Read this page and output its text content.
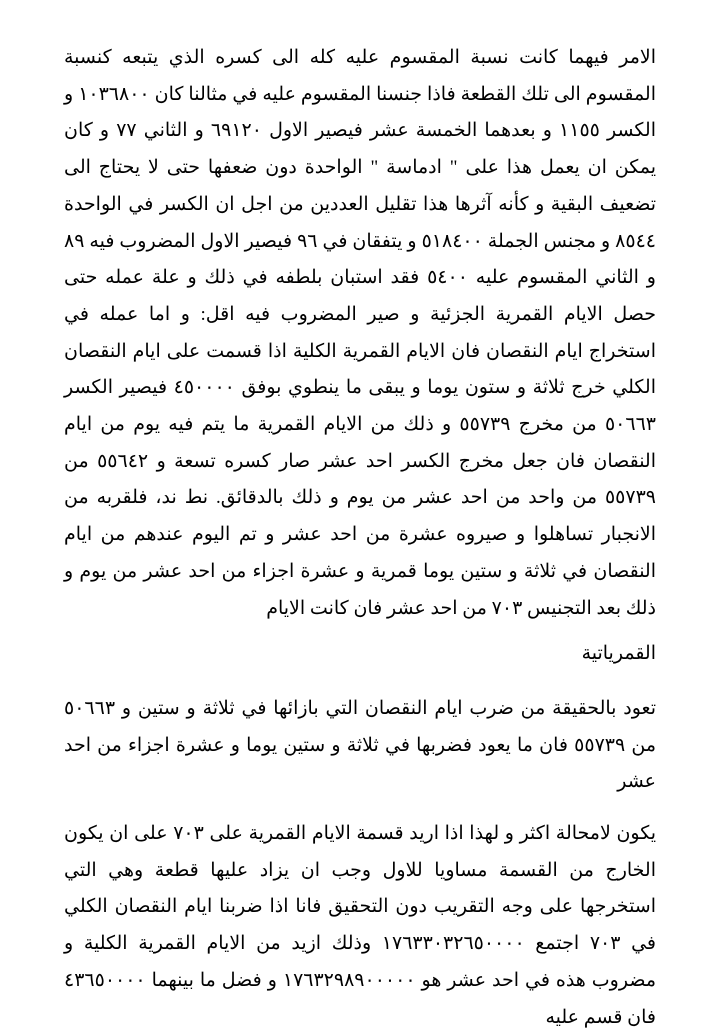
الامر فيهما كانت نسبة المقسوم عليه كله الى كسره الذي يتبعه كنسبة المقسوم الى تلك القطعة فاذا جنسنا المقسوم عليه في مثالنا كان ١٠٣٦٨٠٠ و الكسر ١١٥٥ و بعدهما الخمسة عشر فيصير الاول ٦٩١٢٠ و الثاني ٧٧ و كان يمكن ان يعمل هذا على " ادماسة " الواحدة دون ضعفها حتى لا يحتاج الى تضعيف البقية و كأنه آثرها هذا تقليل العددين من اجل ان الكسر في الواحدة ٨٥٤٤ و مجنس الجملة ٥١٨٤٠٠ و يتفقان في ٩٦ فيصير الاول المضروب فيه ٨٩ و الثاني المقسوم عليه ٥٤٠٠ فقد استبان بلطفه في ذلك و علة عمله حتى حصل الايام القمرية الجزئية و صير المضروب فيه اقل: و اما عمله في استخراج ايام النقصان فان الايام القمرية الكلية اذا قسمت على ايام النقصان الكلي خرج ثلاثة و ستون يوما و يبقى ما ينطوي بوفق ٤٥٠٠٠٠ فيصير الكسر ٥٠٦٦٣ من مخرج ٥٥٧٣٩ و ذلك من الايام القمرية ما يتم فيه يوم من ايام النقصان فان جعل مخرج الكسر احد عشر صار كسره تسعة و ٥٥٦٤٢ من ٥٥٧٣٩ من واحد من احد عشر من يوم و ذلك بالدقائق. نط ند، فلقربه من الانجبار تساهلوا و صيروه عشرة من احد عشر و تم اليوم عندهم من ايام النقصان في ثلاثة و ستين يوما قمرية و عشرة اجزاء من احد عشر من يوم و ذلك بعد التجنيس ٧٠٣ من احد عشر فان كانت الايام

القمرياتية

تعود بالحقيقة من ضرب ايام النقصان التي بازائها في ثلاثة و ستين و ٥٠٦٦٣ من ٥٥٧٣٩ فان ما يعود فضربها في ثلاثة و ستين يوما و عشرة اجزاء من احد عشر

يكون لامحالة اكثر و لهذا اذا اريد قسمة الايام القمرية على ٧٠٣ على ان يكون الخارج من القسمة مساويا للاول وجب ان يزاد عليها قطعة وهي التي استخرجها على وجه التقريب دون التحقيق فانا اذا ضربنا ايام النقصان الكلي في ٧٠٣ اجتمع ١٧٦٣٣٠٣٢٦٥٠٠٠٠ وذلك ازيد من الايام القمرية الكلية و مضروب هذه في احد عشر هو ١٧٦٣٢٩٨٩٠٠٠٠٠ و فضل ما بينهما ٤٣٦٥٠٠٠٠ فان قسم عليه
